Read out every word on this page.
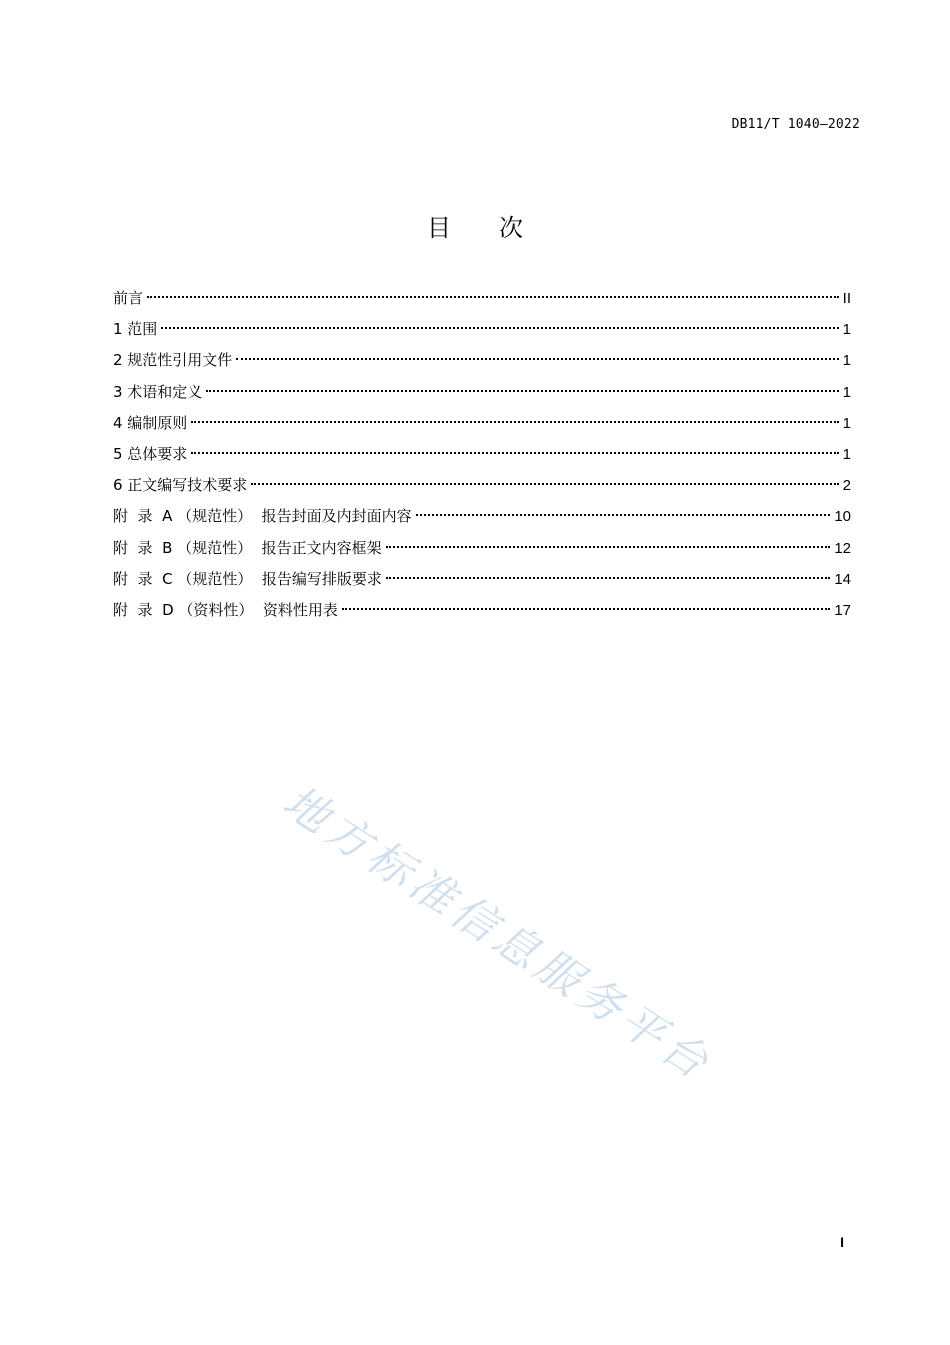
DB11/T 1040—2022
目 次
前言	II
1 范围	1
2 规范性引用文件	1
3 术语和定义	1
4 编制原则	1
5 总体要求	1
6 正文编写技术要求	2
附  录  A （规范性）  报告封面及内封面内容	10
附  录  B （规范性）  报告正文内容框架	12
附  录  C （规范性）  报告编写排版要求	14
附  录  D （资料性）  资料性用表	17
地方标准信息服务平台
I
